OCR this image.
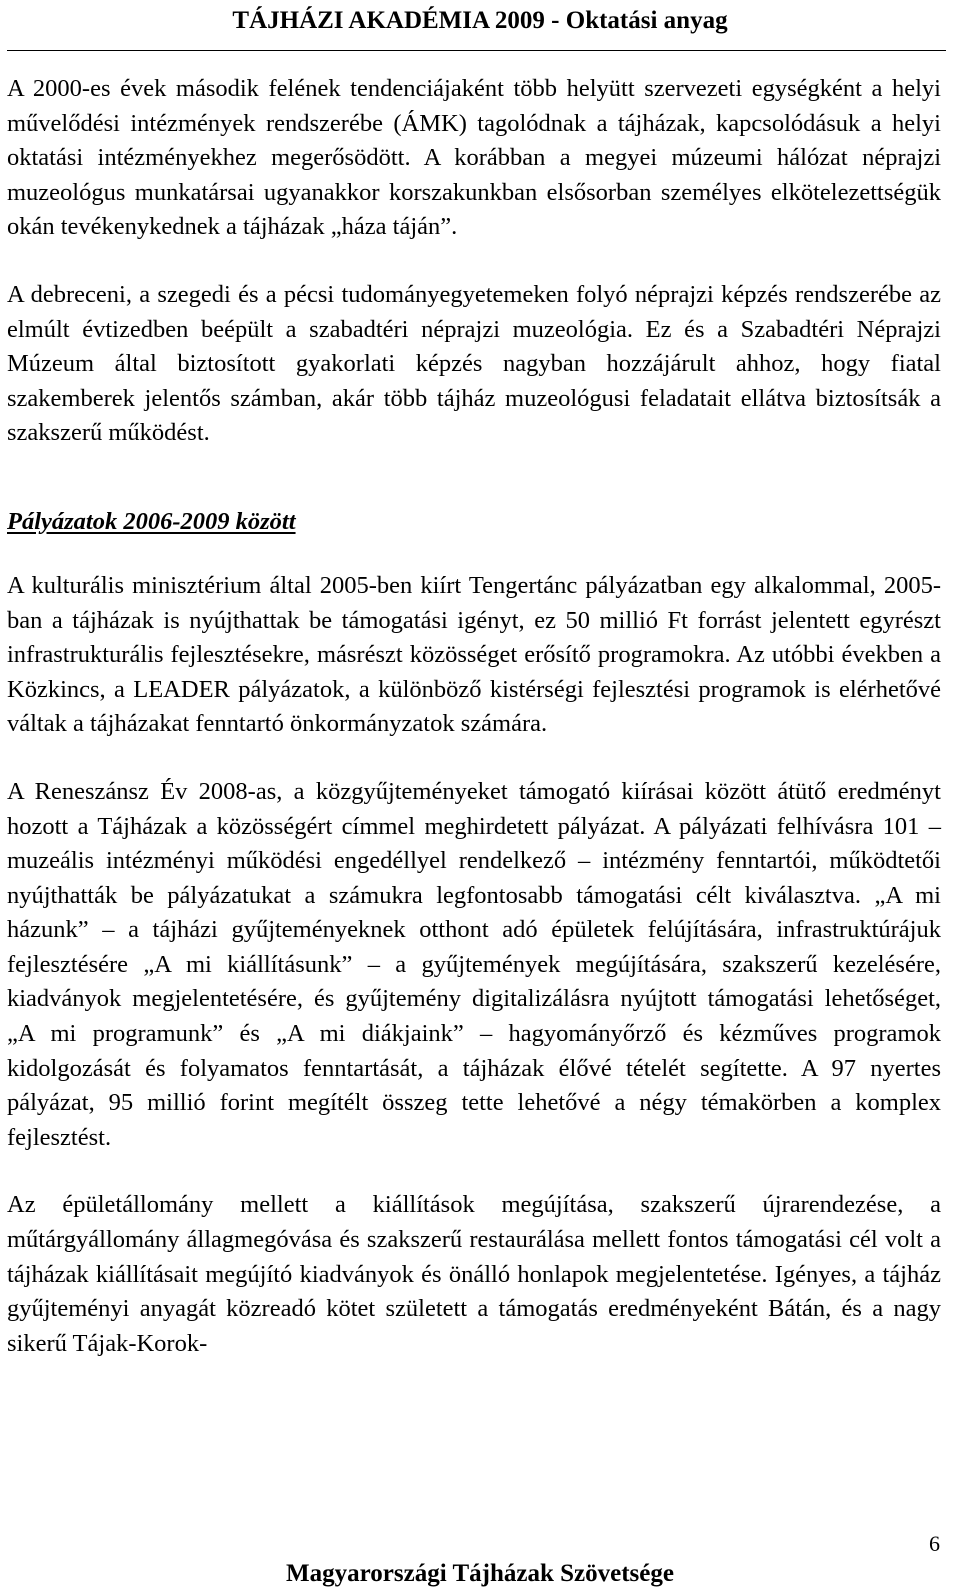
TÁJHÁZI AKADÉMIA 2009 - Oktatási anyag

A 2000-es évek második felének tendenciájaként több helyütt szervezeti egységként a helyi művelődési intézmények rendszerébe (ÁMK) tagolódnak a tájházak, kapcsolódásuk a helyi oktatási intézményekhez megerősödött. A korábban a megyei múzeumi hálózat néprajzi muzeológus munkatársai ugyanakkor korszakunkban elsősorban személyes elkötelezettségük okán tevékenykednek a tájházak „háza táján”.

A debreceni, a szegedi és a pécsi tudományegyetemeken folyó néprajzi képzés rendszerébe az elmúlt évtizedben beépült a szabadtéri néprajzi muzeológia. Ez és a Szabadtéri Néprajzi Múzeum által biztosított gyakorlati képzés nagyban hozzájárult ahhoz, hogy fiatal szakemberek jelentős számban, akár több tájház muzeológusi feladatait ellátva biztosítsák a szakszerű működést.

Pályázatok 2006-2009 között

A kulturális minisztérium által 2005-ben kiírt Tengertánc pályázatban egy alkalommal, 2005-ban a tájházak is nyújthattak be támogatási igényt, ez 50 millió Ft forrást jelentett egyrészt infrastrukturális fejlesztésekre, másrészt közösséget erősítő programokra. Az utóbbi években a Közkincs, a LEADER pályázatok, a különböző kistérségi fejlesztési programok is elérhetővé váltak a tájházakat fenntartó önkormányzatok számára.

A Reneszánsz Év 2008-as, a közgyűjteményeket támogató kiírásai között átütő eredményt hozott a Tájházak a közösségért címmel meghirdetett pályázat. A pályázati felhívásra 101 – muzeális intézményi működési engedéllyel rendelkező – intézmény fenntartói, működtetői nyújthatták be pályázatukat a számukra legfontosabb támogatási célt kiválasztva. „A mi házunk” – a tájházi gyűjteményeknek otthont adó épületek felújítására, infrastruktúrájuk fejlesztésére „A mi kiállításunk” – a gyűjtemények megújítására, szakszerű kezelésére, kiadványok megjelentetésére, és gyűjtemény digitalizálásra nyújtott támogatási lehetőséget, „A mi programunk” és „A mi diákjaink” – hagyományőrző és kézműves programok kidolgozását és folyamatos fenntartását, a tájházak élővé tételét segítette. A 97 nyertes pályázat, 95 millió forint megítélt összeg tette lehetővé a négy témakörben a komplex fejlesztést.

Az épületállomány mellett a kiállítások megújítása, szakszerű újrarendezése, a műtárgyállomány állagmegóvása és szakszerű restaurálása mellett fontos támogatási cél volt a tájházak kiállításait megújító kiadványok és önálló honlapok megjelentetése. Igényes, a tájház gyűjteményi anyagát közreadó kötet született a támogatás eredményeként Bátán, és a nagy sikerű Tájak-Korok-

6
Magyarországi Tájházak Szövetsége
